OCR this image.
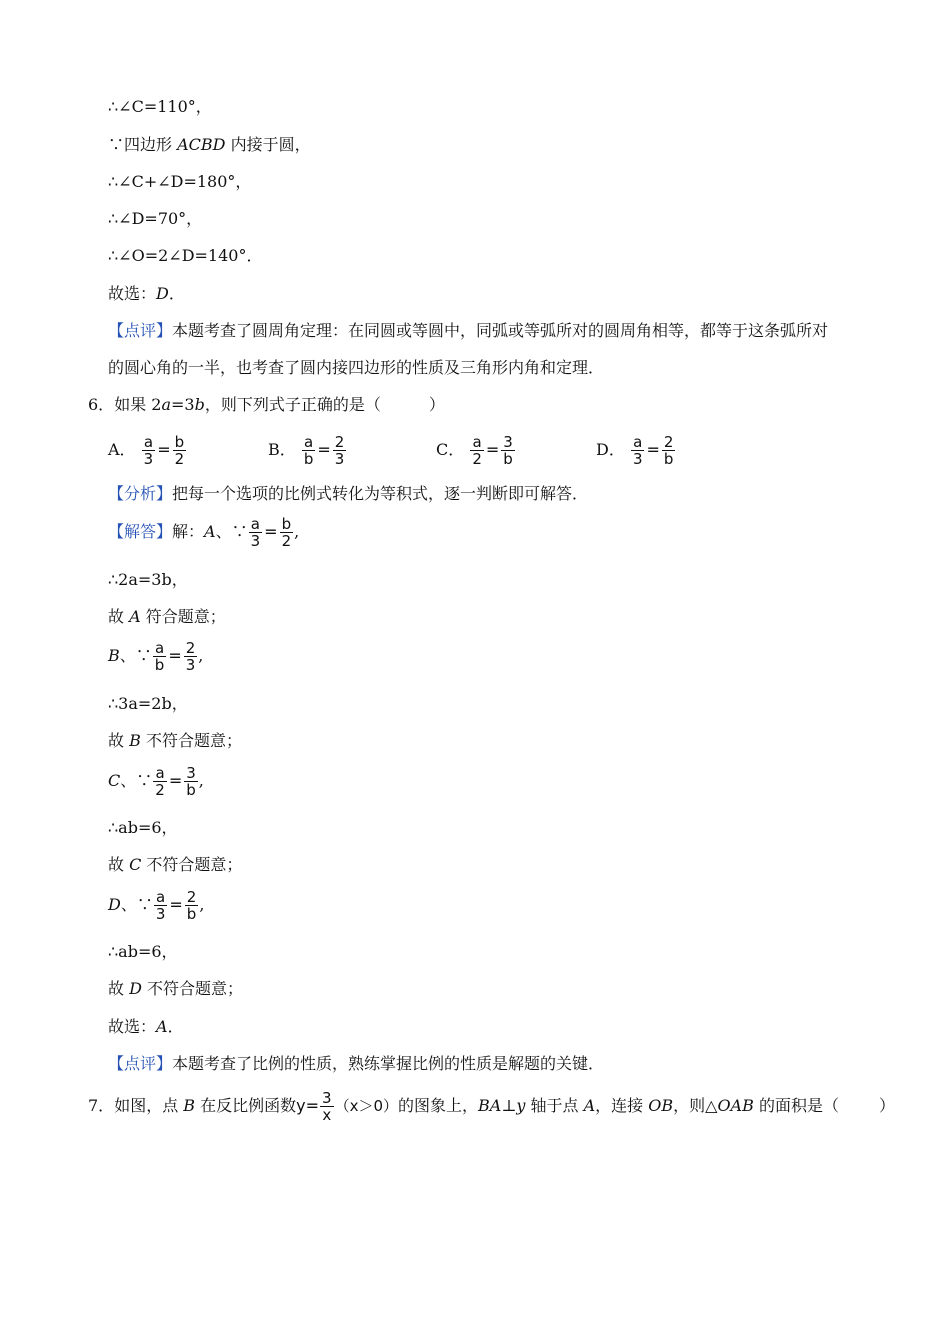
∴∠C=110°，
∵四边形 ACBD 内接于圆，
∴∠C+∠D=180°，
∴∠D=70°，
∴∠O=2∠D=140°．
故选：D．
【点评】本题考查了圆周角定理：在同圆或等圆中，同弧或等弧所对的圆周角相等，都等于这条弧所对
的圆心角的一半，也考查了圆内接四边形的性质及三角形内角和定理．
6．如果 2a=3b，则下列式子正确的是（	）
A． $\frac{a}{3} = \frac{b}{2}$	B． $\frac{a}{b} = \frac{2}{3}$	C． $\frac{a}{2} = \frac{3}{b}$	D． $\frac{a}{3} = \frac{2}{b}$
【分析】把每一个选项的比例式转化为等积式，逐一判断即可解答．
【解答】解：A、∵ $\frac{a}{3} = \frac{b}{2}$ ,
∴2a=3b，
故 A 符合题意；
B、∵ $\frac{a}{b} = \frac{2}{3}$ ,
∴3a=2b，
故 B 不符合题意；
C、∵ $\frac{a}{2} = \frac{3}{b}$ ,
∴ab=6，
故 C 不符合题意；
D、∵ $\frac{a}{3} = \frac{2}{b}$ ,
∴ab=6，
故 D 不符合题意；
故选：A．
【点评】本题考查了比例的性质，熟练掌握比例的性质是解题的关键．
7．如图，点 B 在反比例函数$y= \frac{3}{x} (x>0)$的图象上，BA⊥y 轴于点 A，连接 OB，则△OAB 的面积是（	）
